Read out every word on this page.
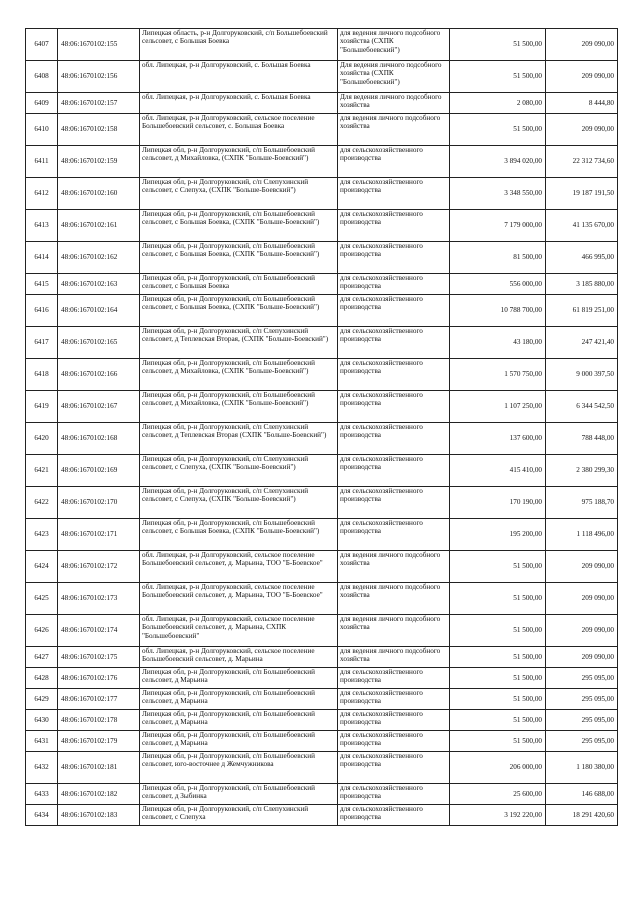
6407	48:06:1670102:155	Липецкая область, р-н Долгоруковский, с/п Большебоевский сельсовет, с Большая Боевка	для ведения личного подсобного хозяйства (СХПК "Большебоевский")	51 500,00	209 090,00
6408	48:06:1670102:156	обл. Липецкая, р-н Долгоруковский, с. Большая Боевка	Для ведения личного подсобного хозяйства (СХПК "Большебоевский")	51 500,00	209 090,00
6409	48:06:1670102:157	обл. Липецкая, р-н Долгоруковский, с. Большая Боевка	Для ведения личного подсобного хозяйства	2 080,00	8 444,80
6410	48:06:1670102:158	обл. Липецкая, р-н Долгоруковский, сельское поселение Большебоевский сельсовет, с. Большая Боевка	для ведения личного подсобного хозяйства	51 500,00	209 090,00
6411	48:06:1670102:159	Липецкая обл, р-н Долгоруковский, с/п Большебоевский сельсовет, д Михайловка, (СХПК "Больше-Боевский")	для сельскохозяйственного производства	3 894 020,00	22 312 734,60
6412	48:06:1670102:160	Липецкая обл, р-н Долгоруковский, с/п Слепухинский сельсовет, с Слепуха, (СХПК "Больше-Боевский")	для сельскохозяйственного производства	3 348 550,00	19 187 191,50
6413	48:06:1670102:161	Липецкая обл, р-н Долгоруковский, с/п Большебоевский сельсовет, с Большая Боевка, (СХПК "Больше-Боевский")	для сельскохозяйственного производства	7 179 000,00	41 135 670,00
6414	48:06:1670102:162	Липецкая обл, р-н Долгоруковский, с/п Большебоевский сельсовет, с Большая Боевка, (СХПК "Больше-Боевский")	для сельскохозяйственного производства	81 500,00	466 995,00
6415	48:06:1670102:163	Липецкая обл, р-н Долгоруковский, с/п Большебоевский сельсовет, с Большая Боевка	для сельскохозяйственного производства	556 000,00	3 185 880,00
6416	48:06:1670102:164	Липецкая обл, р-н Долгоруковский, с/п Большебоевский сельсовет, с Большая Боевка, (СХПК "Больше-Боевский")	для сельскохозяйственного производства	10 788 700,00	61 819 251,00
6417	48:06:1670102:165	Липецкая обл, р-н Долгоруковский, с/п Слепухинский сельсовет, д Теплевская Вторая, (СХПК "Больше-Боевский")	для сельскохозяйственного производства	43 180,00	247 421,40
6418	48:06:1670102:166	Липецкая обл, р-н Долгоруковский, с/п Большебоевский сельсовет, д Михайловка, (СХПК "Больше-Боевский")	для сельскохозяйственного производства	1 570 750,00	9 000 397,50
6419	48:06:1670102:167	Липецкая обл, р-н Долгоруковский, с/п Большебоевский сельсовет, д Михайловка, (СХПК "Больше-Боевский")	для сельскохозяйственного производства	1 107 250,00	6 344 542,50
6420	48:06:1670102:168	Липецкая обл, р-н Долгоруковский, с/п Слепухинский сельсовет, д Теплевская Вторая (СХПК "Больше-Боевский")	для сельскохозяйственного производства	137 600,00	788 448,00
6421	48:06:1670102:169	Липецкая обл, р-н Долгоруковский, с/п Слепухинский сельсовет, с Слепуха, (СХПК "Больше-Боевский")	для сельскохозяйственного производства	415 410,00	2 380 299,30
6422	48:06:1670102:170	Липецкая обл, р-н Долгоруковский, с/п Слепухинский сельсовет, с Слепуха, (СХПК "Больше-Боевский")	для сельскохозяйственного производства	170 190,00	975 188,70
6423	48:06:1670102:171	Липецкая обл, р-н Долгоруковский, с/п Большебоевский сельсовет, с Большая Боевка, (СХПК "Больше-Боевский")	для сельскохозяйственного производства	195 200,00	1 118 496,00
6424	48:06:1670102:172	обл. Липецкая, р-н Долгоруковский, сельское поселение Большебоевский сельсовет, д. Марьина, ТОО "Б-Боевское"	для ведения личного подсобного хозяйства	51 500,00	209 090,00
6425	48:06:1670102:173	обл. Липецкая, р-н Долгоруковский, сельское поселение Большебоевский сельсовет, д. Марьина, ТОО "Б-Боевское"	для ведения личного подсобного хозяйства	51 500,00	209 090,00
6426	48:06:1670102:174	обл. Липецкая, р-н Долгоруковский, сельское поселение Большебоевский сельсовет, д. Марьина, СХПК "Большебоевский"	для ведения личного подсобного хозяйства	51 500,00	209 090,00
6427	48:06:1670102:175	обл. Липецкая, р-н Долгоруковский, сельское поселение Большебоевский сельсовет, д. Марьина	для ведения личного подсобного хозяйства	51 500,00	209 090,00
6428	48:06:1670102:176	Липецкая обл, р-н Долгоруковский, с/п Большебоевский сельсовет, д Марьина	для сельскохозяйственного производства	51 500,00	295 095,00
6429	48:06:1670102:177	Липецкая обл, р-н Долгоруковский, с/п Большебоевский сельсовет, д Марьина	для сельскохозяйственного производства	51 500,00	295 095,00
6430	48:06:1670102:178	Липецкая обл, р-н Долгоруковский, с/п Большебоевский сельсовет, д Марьина	для сельскохозяйственного производства	51 500,00	295 095,00
6431	48:06:1670102:179	Липецкая обл, р-н Долгоруковский, с/п Большебоевский сельсовет, д Марьина	для сельскохозяйственного производства	51 500,00	295 095,00
6432	48:06:1670102:181	Липецкая обл, р-н Долгоруковский, с/п Большебоевский сельсовет, юго-восточнее д Жемчужникова	для сельскохозяйственного производства	206 000,00	1 180 380,00
6433	48:06:1670102:182	Липецкая обл, р-н Долгоруковский, с/п Большебоевский сельсовет, д Зыбинка	для сельскохозяйственного производства	25 600,00	146 688,00
6434	48:06:1670102:183	Липецкая обл, р-н Долгоруковский, с/п Слепухинский сельсовет, с Слепуха	для сельскохозяйственного производства	3 192 220,00	18 291 420,60
